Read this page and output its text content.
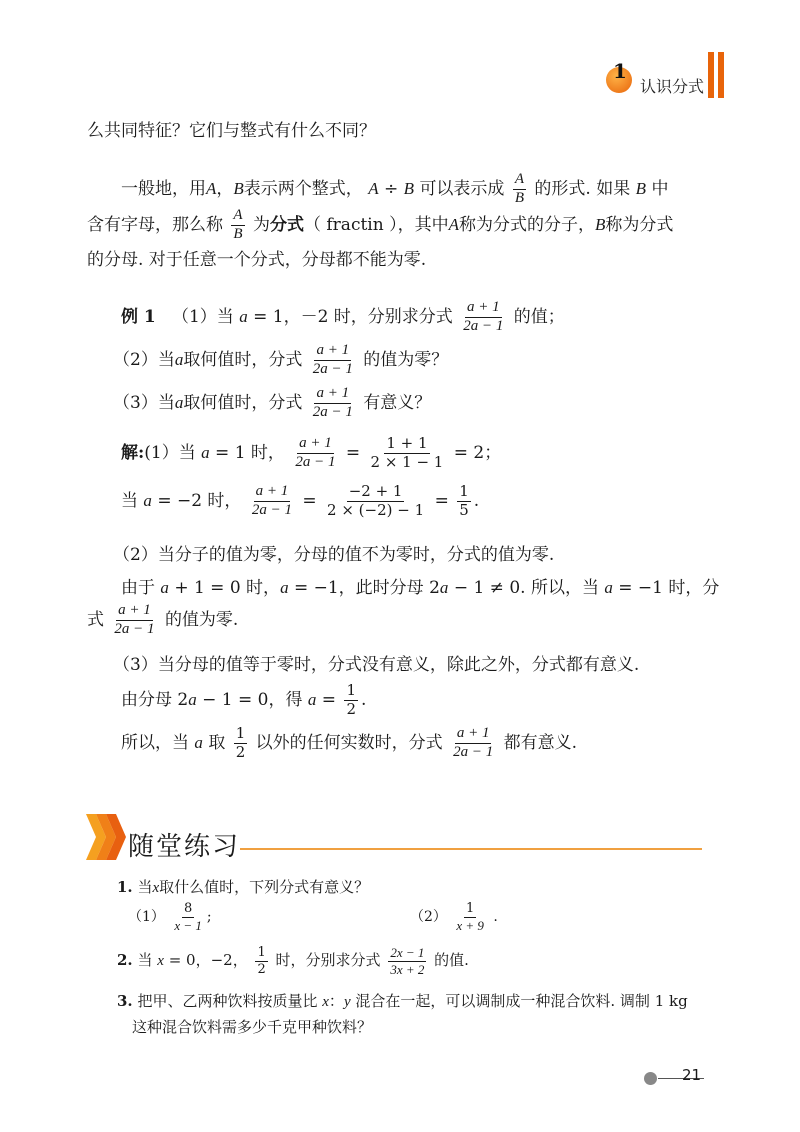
1
认识分式
么共同特征？它们与整式有什么不同？
一般地，用A，B表示两个整式， A ÷ B 可以表示成 $\frac{A}{B}$ 的形式. 如果 B 中
含有字母，那么称 $\frac{A}{B}$ 为分式（ fractin ），其中A称为分式的分子，B称为分式
的分母. 对于任意一个分式，分母都不能为零.
例 1 （1）当 a = 1，－2 时，分别求分式 $\frac{a + 1}{2a - 1}$ 的值；
（2）当a取何值时，分式 $\frac{a + 1}{2a - 1}$ 的值为零？
（3）当a取何值时，分式 $\frac{a + 1}{2a - 1}$ 有意义？
解:(1）当 a = 1 时， $\frac{a + 1}{2a - 1} = \frac{1 + 1}{2 \times 1 - 1} = 2$；
当 a = −2 时， $\frac{a + 1}{2a - 1} = \frac{-2 + 1}{2 \times (-2) - 1} = \frac{1}{5}$ .
（2）当分子的值为零，分母的值不为零时，分式的值为零.
由于 a + 1 = 0 时，a = −1，此时分母 2a − 1 ≠ 0. 所以，当 a = −1 时，分
式 $\frac{a + 1}{2a - 1}$ 的值为零.
（3）当分母的值等于零时，分式没有意义，除此之外，分式都有意义.
由分母 2a − 1 = 0，得 $a = \frac{1}{2}$ .
所以，当 a 取 $\frac{1}{2}$ 以外的任何实数时，分式 $\frac{a + 1}{2a - 1}$ 都有意义.
随堂练习
1. 当x取什么值时，下列分式有意义？
$(1) \frac{8}{x - 1}$ ;	$(2) \frac{1}{x + 9}$ .
2. 当 x = 0，−2， $\frac{1}{2}$ 时，分别求分式 $\frac{2x - 1}{3x + 2}$ 的值.
3. 把甲、乙两种饮料按质量比 x：y 混合在一起，可以调制成一种混合饮料. 调制 1 kg
这种混合饮料需多少千克甲种饮料？
21
